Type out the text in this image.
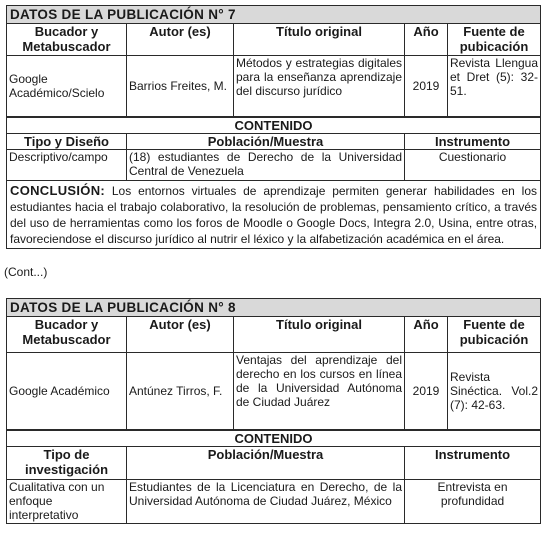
DATOS DE LA PUBLICACIÓN N° 7				
Bucador y Metabuscador	Autor (es)	Título original	Año	Fuente de pubicación
Google Académico/Scielo	Barrios Freites, M.	Métodos y estrategias digitales para la enseñanza aprendizaje del discurso jurídico	2019	Revista Llengua et Dret (5): 32-51.
CONTENIDO		
Tipo y Diseño	Población/Muestra	Instrumento
Descriptivo/campo	(18) estudiantes de Derecho de la Universidad Central de Venezuela	Cuestionario
CONCLUSIÓN: Los entornos virtuales de aprendizaje permiten generar habilidades en los estudiantes hacia el trabajo colaborativo, la resolución de problemas, pensamiento crítico, a través del uso de herramientas como los foros de Moodle o Google Docs, Integra 2.0, Usina, entre otras, favoreciendose el discurso jurídico al nutrir el léxico y la alfabetización académica en el área.		
(Cont...)
DATOS DE LA PUBLICACIÓN N° 8				
Bucador y Metabuscador	Autor (es)	Título original	Año	Fuente de pubicación
Google Académico	Antúnez Tirros, F.	Ventajas del aprendizaje del derecho en los cursos en línea de la Universidad Autónoma de Ciudad Juárez	2019	Revista Sinéctica. Vol.2 (7): 42-63.
CONTENIDO		
Tipo de investigación	Población/Muestra	Instrumento
Cualitativa con un enfoque interpretativo	Estudiantes de la Licenciatura en Derecho, de la Universidad Autónoma de Ciudad Juárez, México	Entrevista en profundidad
